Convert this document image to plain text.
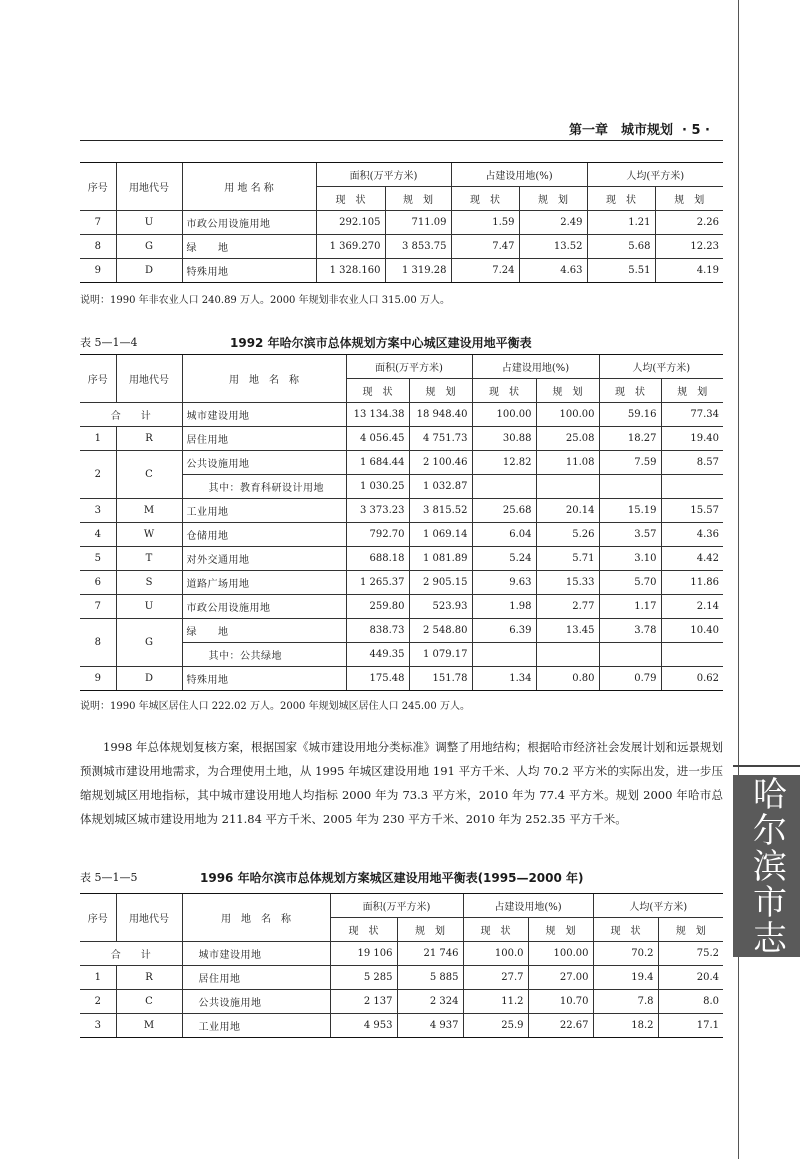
哈尔滨市志
第一章　城市规划 · 5 ·
序号	用地代号	用 地 名 称	面积(万平方米)		占建设用地(%)		人均(平方米)	
			现　状	规　划	现　状	规　划	现　状	规　划
7	U	市政公用设施用地	292.105	711.09	1.59	2.49	1.21	2.26
8	G	绿　　地	1 369.270	3 853.75	7.47	13.52	5.68	12.23
9	D	特殊用地	1 328.160	1 319.28	7.24	4.63	5.51	4.19
说明：1990 年非农业人口 240.89 万人。2000 年规划非农业人口 315.00 万人。
表 5—1—4	1992 年哈尔滨市总体规划方案中心城区建设用地平衡表
序号	用地代号	用　地　名　称	面积(万平方米)		占建设用地(%)		人均(平方米)	
			现　状	规　划	现　状	规　划	现　状	规　划
合　　计		城市建设用地	13 134.38	18 948.40	100.00	100.00	59.16	77.34
1	R	居住用地	4 056.45	4 751.73	30.88	25.08	18.27	19.40
2	C	公共设施用地	1 684.44	2 100.46	12.82	11.08	7.59	8.57
		其中：教育科研设计用地	1 030.25	1 032.87				
3	M	工业用地	3 373.23	3 815.52	25.68	20.14	15.19	15.57
4	W	仓储用地	792.70	1 069.14	6.04	5.26	3.57	4.36
5	T	对外交通用地	688.18	1 081.89	5.24	5.71	3.10	4.42
6	S	道路广场用地	1 265.37	2 905.15	9.63	15.33	5.70	11.86
7	U	市政公用设施用地	259.80	523.93	1.98	2.77	1.17	2.14
8	G	绿　　地	838.73	2 548.80	6.39	13.45	3.78	10.40
		其中：公共绿地	449.35	1 079.17				
9	D	特殊用地	175.48	151.78	1.34	0.80	0.79	0.62
说明：1990 年城区居住人口 222.02 万人。2000 年规划城区居住人口 245.00 万人。
1998 年总体规划复核方案，根据国家《城市建设用地分类标准》调整了用地结构；根据哈市经济社会发展计划和远景规划预测城市建设用地需求，为合理使用土地，从 1995 年城区建设用地 191 平方千米、人均 70.2 平方米的实际出发，进一步压缩规划城区用地指标，其中城市建设用地人均指标 2000 年为 73.3 平方米，2010 年为 77.4 平方米。规划 2000 年哈市总体规划城区城市建设用地为 211.84 平方千米、2005 年为 230 平方千米、2010 年为 252.35 平方千米。
表 5—1—5	1996 年哈尔滨市总体规划方案城区建设用地平衡表(1995—2000 年)
序号	用地代号	用　地　名　称	面积(万平方米)		占建设用地(%)		人均(平方米)	
			现　状	规　划	现　状	规　划	现　状	规　划
合　　计		城市建设用地	19 106	21 746	100.0	100.00	70.2	75.2
1	R	居住用地	5 285	5 885	27.7	27.00	19.4	20.4
2	C	公共设施用地	2 137	2 324	11.2	10.70	7.8	8.0
3	M	工业用地	4 953	4 937	25.9	22.67	18.2	17.1
